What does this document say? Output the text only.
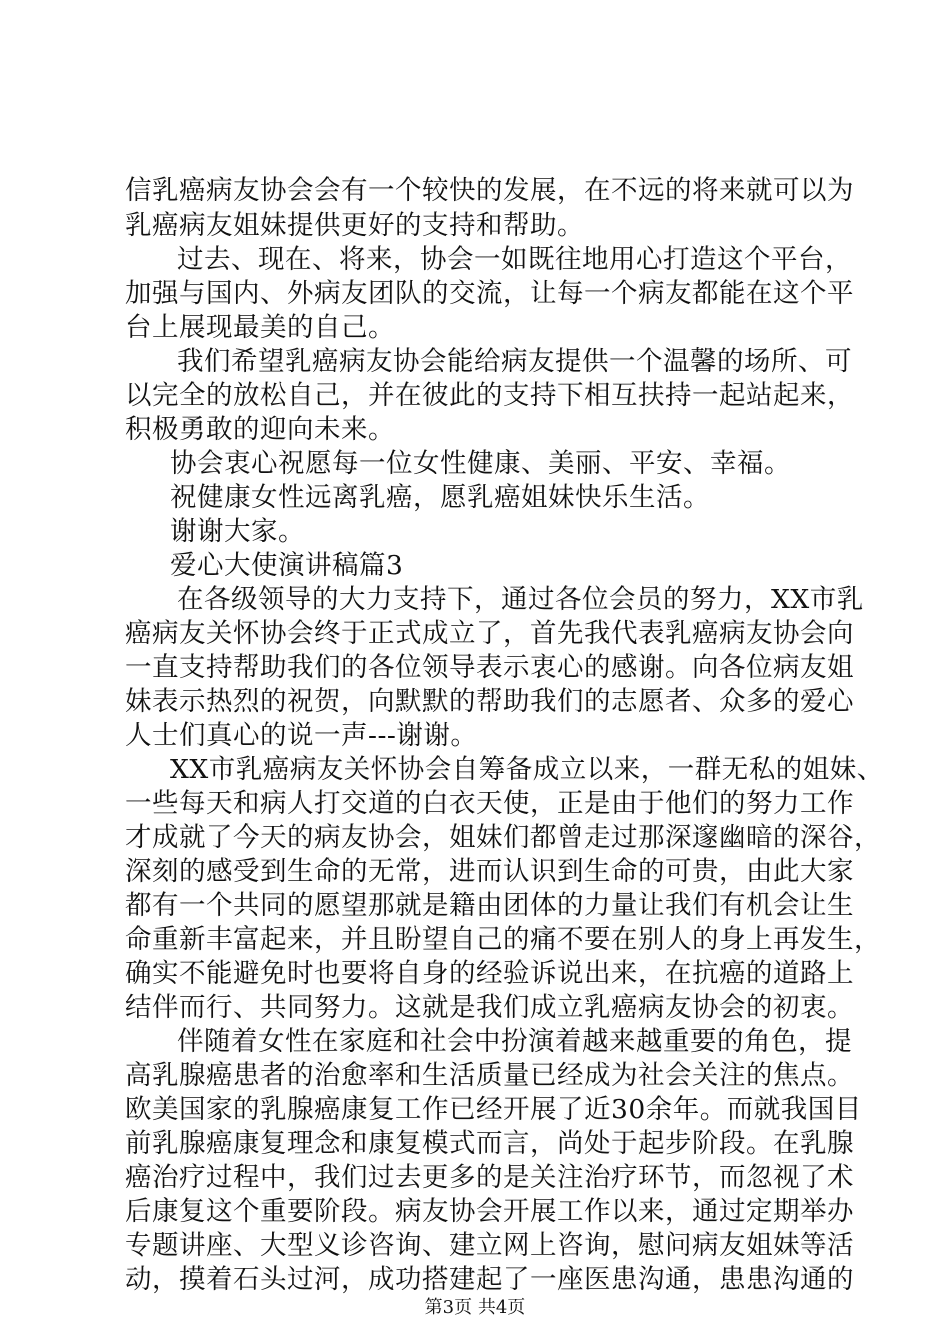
信乳癌病友协会会有一个较快的发展，在不远的将来就可以为
乳癌病友姐妹提供更好的支持和帮助。
过去、现在、将来，协会一如既往地用心打造这个平台，
加强与国内、外病友团队的交流，让每一个病友都能在这个平
台上展现最美的自己。
我们希望乳癌病友协会能给病友提供一个温馨的场所、可
以完全的放松自己，并在彼此的支持下相互扶持一起站起来，
积极勇敢的迎向未来。
协会衷心祝愿每一位女性健康、美丽、平安、幸福。
祝健康女性远离乳癌，愿乳癌姐妹快乐生活。
谢谢大家。
爱心大使演讲稿篇3
在各级领导的大力支持下，通过各位会员的努力，XX市乳
癌病友关怀协会终于正式成立了，首先我代表乳癌病友协会向
一直支持帮助我们的各位领导表示衷心的感谢。向各位病友姐
妹表示热烈的祝贺，向默默的帮助我们的志愿者、众多的爱心
人士们真心的说一声---谢谢。
XX市乳癌病友关怀协会自筹备成立以来，一群无私的姐妹、
一些每天和病人打交道的白衣天使，正是由于他们的努力工作
才成就了今天的病友协会，姐妹们都曾走过那深邃幽暗的深谷，
深刻的感受到生命的无常，进而认识到生命的可贵，由此大家
都有一个共同的愿望那就是籍由团体的力量让我们有机会让生
命重新丰富起来，并且盼望自己的痛不要在别人的身上再发生，
确实不能避免时也要将自身的经验诉说出来，在抗癌的道路上
结伴而行、共同努力。这就是我们成立乳癌病友协会的初衷。
伴随着女性在家庭和社会中扮演着越来越重要的角色，提
高乳腺癌患者的治愈率和生活质量已经成为社会关注的焦点。
欧美国家的乳腺癌康复工作已经开展了近30余年。而就我国目
前乳腺癌康复理念和康复模式而言，尚处于起步阶段。在乳腺
癌治疗过程中，我们过去更多的是关注治疗环节，而忽视了术
后康复这个重要阶段。病友协会开展工作以来，通过定期举办
专题讲座、大型义诊咨询、建立网上咨询，慰问病友姐妹等活
动，摸着石头过河，成功搭建起了一座医患沟通，患患沟通的
第3页 共4页
